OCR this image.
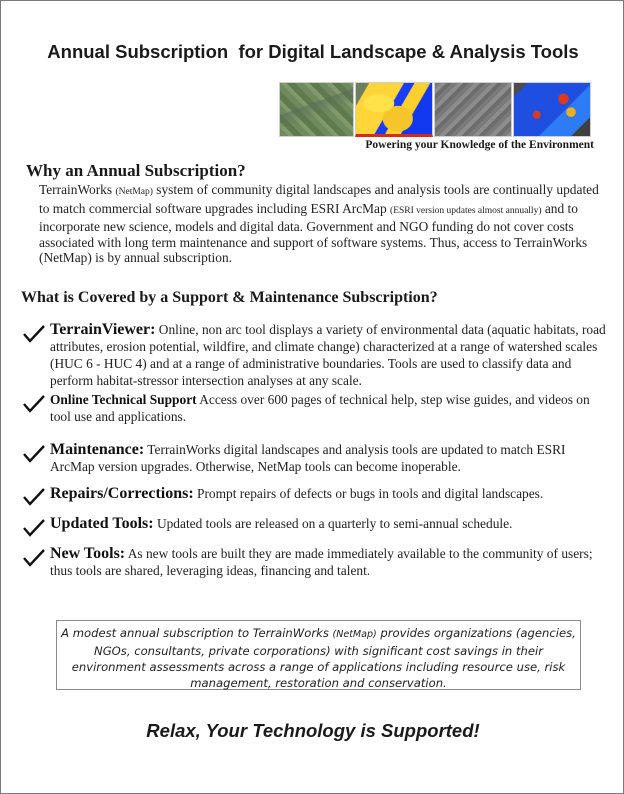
Annual Subscription  for Digital Landscape & Analysis Tools
Powering your Knowledge of the Environment
Why an Annual Subscription?
TerrainWorks (NetMap) system of community digital landscapes and analysis tools are continually updated to match commercial software upgrades including ESRI ArcMap (ESRI version updates almost annually) and to incorporate new science, models and digital data. Government and NGO funding do not cover costs associated with long term maintenance and support of software systems. Thus, access to TerrainWorks (NetMap) is by annual subscription.
What is Covered by a Support & Maintenance Subscription?
TerrainViewer: Online, non arc tool displays a variety of environmental data (aquatic habitats, road attributes, erosion potential, wildfire, and climate change) characterized at a range of watershed scales (HUC 6 - HUC 4) and at a range of administrative boundaries. Tools are used to classify data and perform habitat-stressor intersection analyses at any scale.
Online Technical Support Access over 600 pages of technical help, step wise guides, and videos on tool use and applications.
Maintenance: TerrainWorks digital landscapes and analysis tools are updated to match ESRI ArcMap version upgrades. Otherwise, NetMap tools can become inoperable.
Repairs/Corrections: Prompt repairs of defects or bugs in tools and digital landscapes.
Updated Tools: Updated tools are released on a quarterly to semi-annual schedule.
New Tools: As new tools are built they are made immediately available to the community of users; thus tools are shared, leveraging ideas, financing and talent.
A modest annual subscription to TerrainWorks (NetMap) provides organizations (agencies, NGOs, consultants, private corporations) with significant cost savings in their environment assessments across a range of applications including resource use, risk management, restoration and conservation.
Relax, Your Technology is Supported!
